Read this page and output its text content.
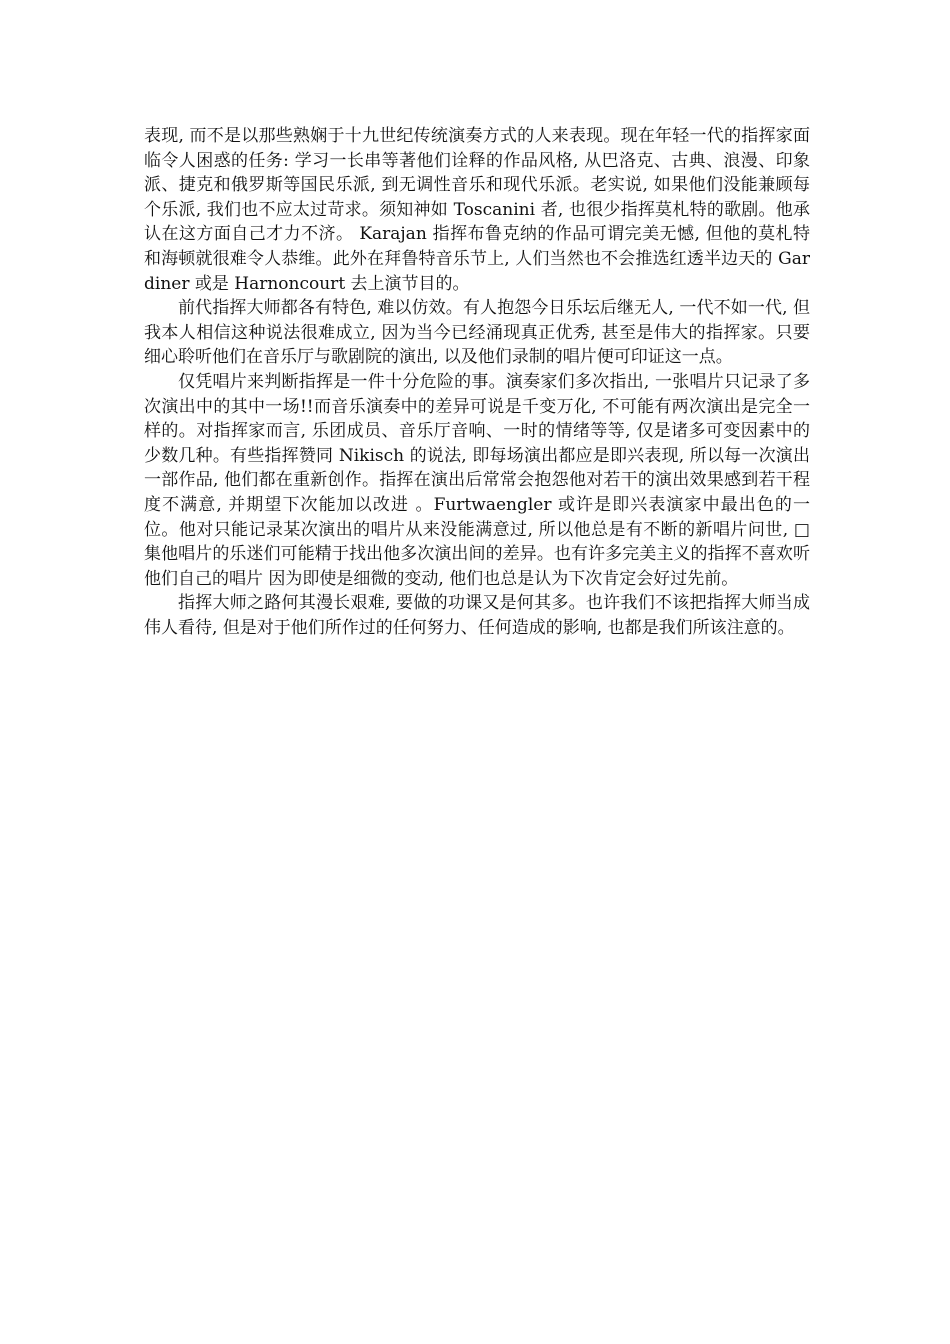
表现, 而不是以那些熟娴于十九世纪传统演奏方式的人来表现。现在年轻一代的指挥家面临令人困惑的任务: 学习一长串等著他们诠释的作品风格, 从巴洛克、古典、浪漫、印象派、捷克和俄罗斯等国民乐派, 到无调性音乐和现代乐派。老实说, 如果他们没能兼顾每个乐派, 我们也不应太过苛求。须知神如 Toscanini 者, 也很少指挥莫札特的歌剧。他承认在这方面自己才力不济。 Karajan 指挥布鲁克纳的作品可谓完美无憾, 但他的莫札特和海顿就很难令人恭维。此外在拜鲁特音乐节上, 人们当然也不会推选红透半边天的 Gardiner 或是 Harnoncourt 去上演节目的。

前代指挥大师都各有特色, 难以仿效。有人抱怨今日乐坛后继无人, 一代不如一代, 但我本人相信这种说法很难成立, 因为当今已经涌现真正优秀, 甚至是伟大的指挥家。只要细心聆听他们在音乐厅与歌剧院的演出, 以及他们录制的唱片便可印证这一点。

仅凭唱片来判断指挥是一件十分危险的事。演奏家们多次指出, 一张唱片只记录了多次演出中的其中一场!!而音乐演奏中的差异可说是千变万化, 不可能有两次演出是完全一样的。对指挥家而言, 乐团成员、音乐厅音响、一时的情绪等等, 仅是诸多可变因素中的少数几种。有些指挥赞同 Nikisch 的说法, 即每场演出都应是即兴表现, 所以每一次演出一部作品, 他们都在重新创作。指挥在演出后常常会抱怨他对若干的演出效果感到若干程度不满意, 并期望下次能加以改进 。Furtwaengler 或许是即兴表演家中最出色的一位。他对只能记录某次演出的唱片从来没能满意过, 所以他总是有不断的新唱片问世, □集他唱片的乐迷们可能精于找出他多次演出间的差异。也有许多完美主义的指挥不喜欢听他们自己的唱片 因为即使是细微的变动, 他们也总是认为下次肯定会好过先前。

指挥大师之路何其漫长艰难, 要做的功课又是何其多。也许我们不该把指挥大师当成伟人看待, 但是对于他们所作过的任何努力、任何造成的影响, 也都是我们所该注意的。
